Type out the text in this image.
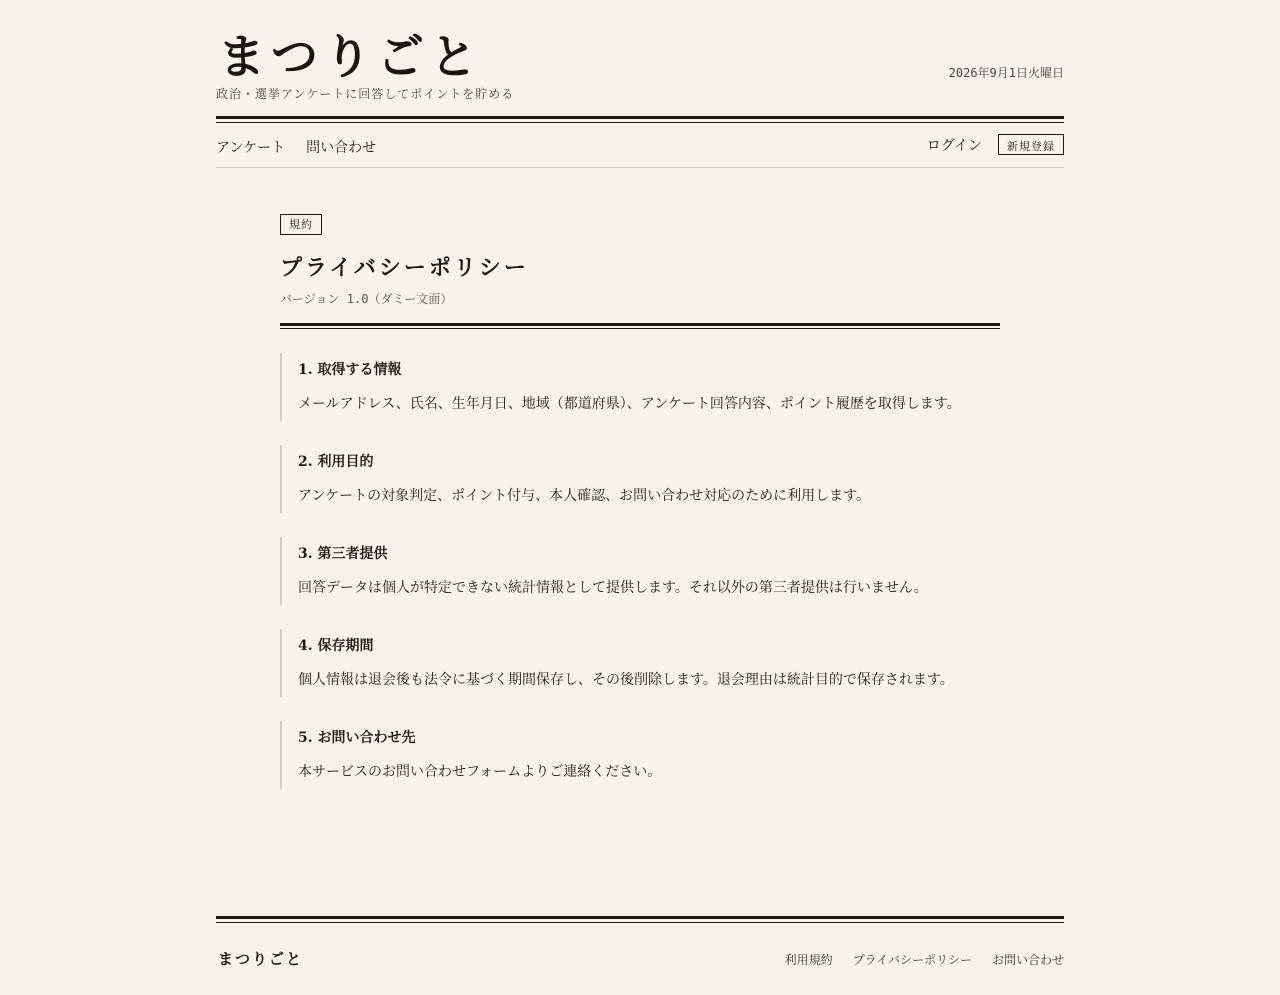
まつりごと
政治・選挙アンケートに回答してポイントを貯める
2026年9月1日火曜日
アンケート 問い合わせ	ログイン	新規登録
規約
プライバシーポリシー
バージョン 1.0（ダミー文面）
1. 取得する情報
メールアドレス、氏名、生年月日、地域（都道府県）、アンケート回答内容、ポイント履歴を取得します。
2. 利用目的
アンケートの対象判定、ポイント付与、本人確認、お問い合わせ対応のために利用します。
3. 第三者提供
回答データは個人が特定できない統計情報として提供します。それ以外の第三者提供は行いません。
4. 保存期間
個人情報は退会後も法令に基づく期間保存し、その後削除します。退会理由は統計目的で保存されます。
5. お問い合わせ先
本サービスのお問い合わせフォームよりご連絡ください。
まつりごと	利用規約 プライバシーポリシー お問い合わせ
